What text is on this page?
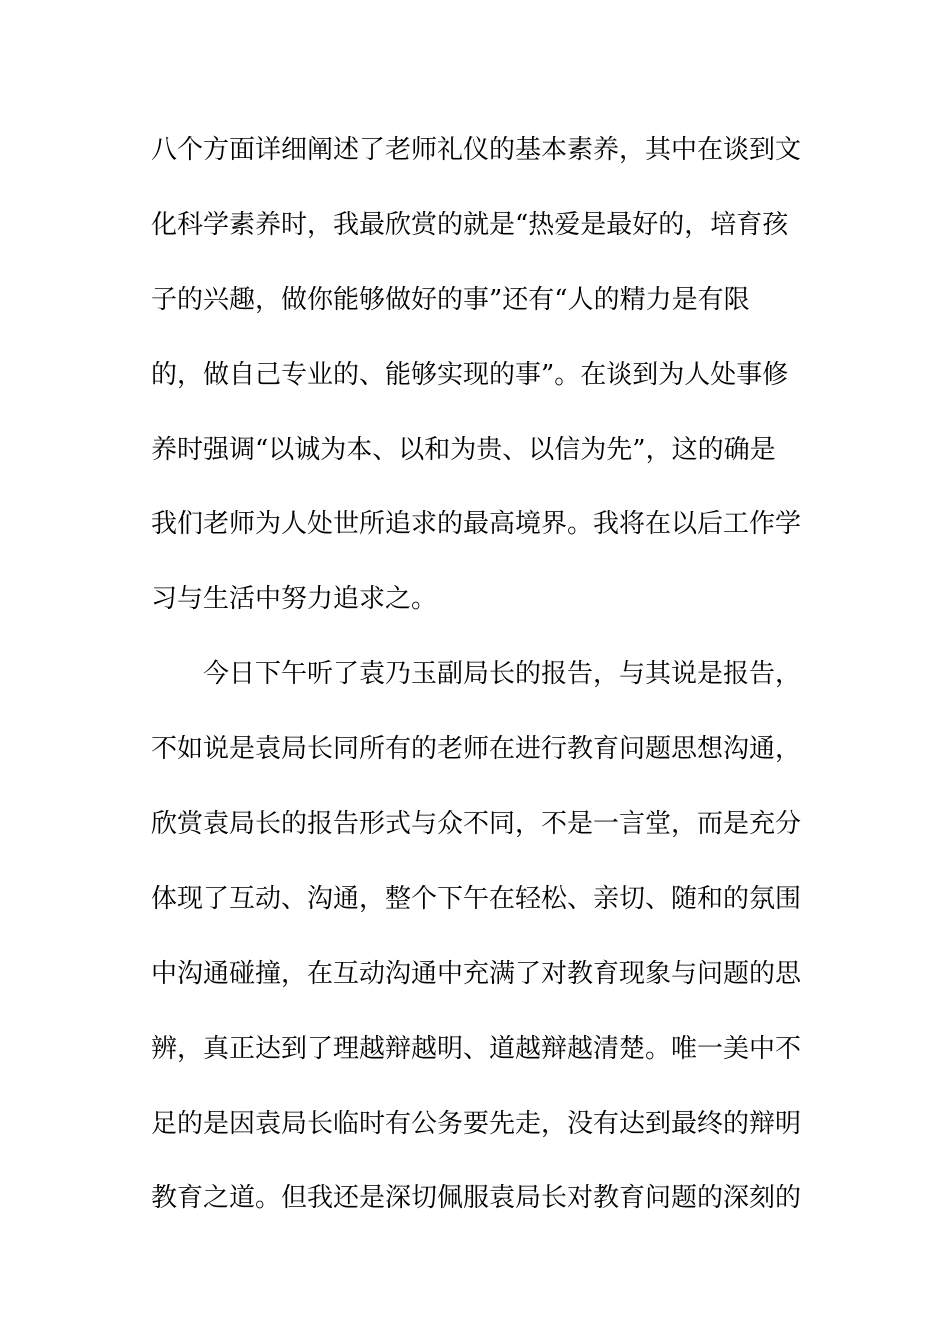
八个方面详细阐述了老师礼仪的基本素养，其中在谈到文
化科学素养时，我最欣赏的就是“热爱是最好的，培育孩
子的兴趣，做你能够做好的事”还有“人的精力是有限
的，做自己专业的、能够实现的事”。在谈到为人处事修
养时强调“以诚为本、以和为贵、以信为先”，这的确是
我们老师为人处世所追求的最高境界。我将在以后工作学
习与生活中努力追求之。
今日下午听了袁乃玉副局长的报告，与其说是报告，
不如说是袁局长同所有的老师在进行教育问题思想沟通，
欣赏袁局长的报告形式与众不同，不是一言堂，而是充分
体现了互动、沟通，整个下午在轻松、亲切、随和的氛围
中沟通碰撞，在互动沟通中充满了对教育现象与问题的思
辨，真正达到了理越辩越明、道越辩越清楚。唯一美中不
足的是因袁局长临时有公务要先走，没有达到最终的辩明
教育之道。但我还是深切佩服袁局长对教育问题的深刻的
